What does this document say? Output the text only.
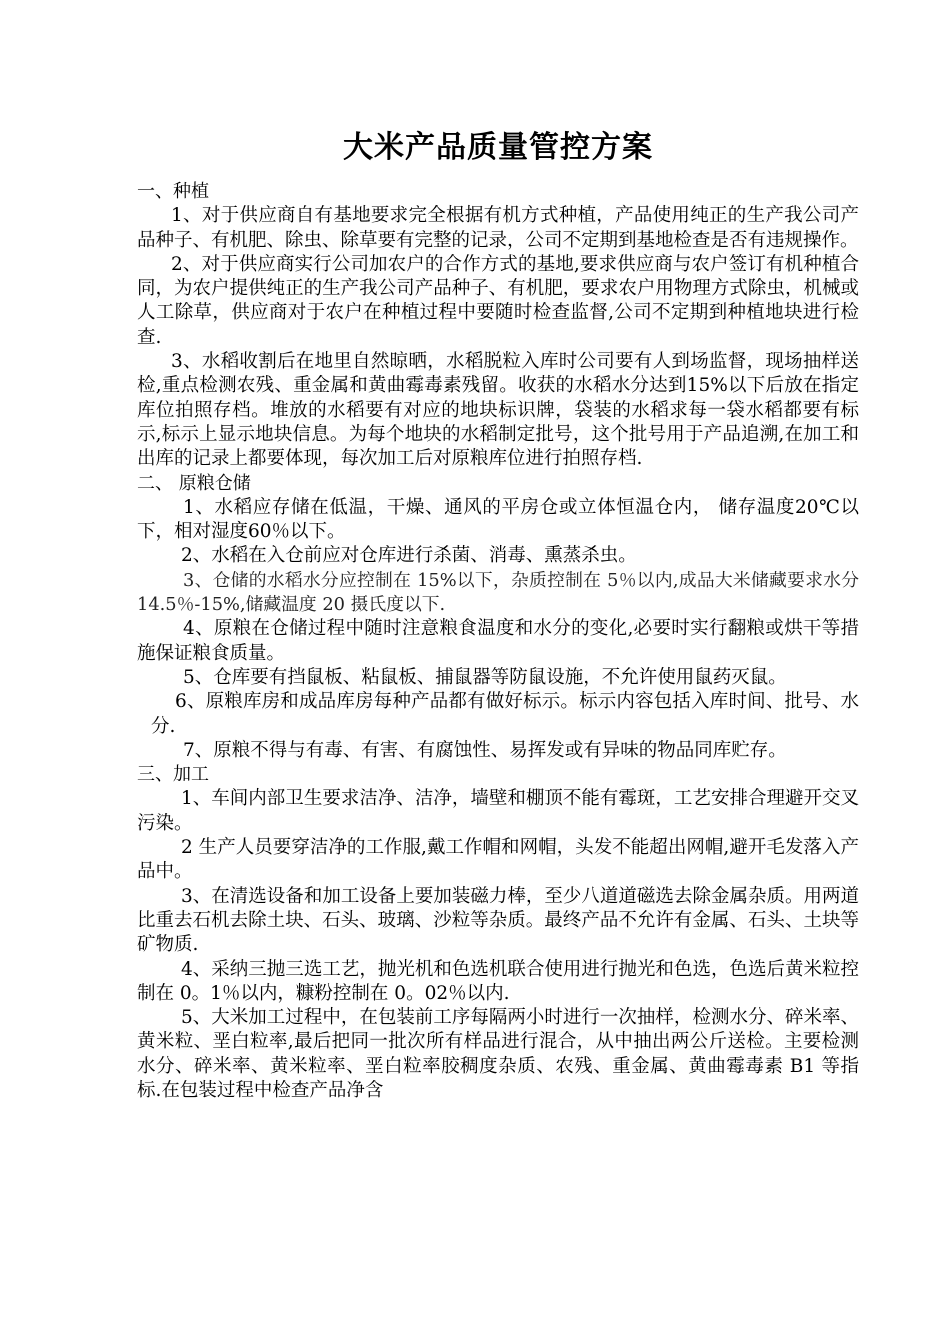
大米产品质量管控方案

一、种植

1、对于供应商自有基地要求完全根据有机方式种植，产品使用纯正的生产我公司产品种子、有机肥、除虫、除草要有完整的记录，公司不定期到基地检查是否有违规操作。

2、对于供应商实行公司加农户的合作方式的基地,要求供应商与农户签订有机种植合同，为农户提供纯正的生产我公司产品种子、有机肥，要求农户用物理方式除虫，机械或人工除草，供应商对于农户在种植过程中要随时检查监督,公司不定期到种植地块进行检查.

3、水稻收割后在地里自然晾晒，水稻脱粒入库时公司要有人到场监督，现场抽样送检,重点检测农残、重金属和黄曲霉毒素残留。收获的水稻水分达到15%以下后放在指定库位拍照存档。堆放的水稻要有对应的地块标识牌，袋装的水稻求每一袋水稻都要有标示,标示上显示地块信息。为每个地块的水稻制定批号，这个批号用于产品追溯,在加工和出库的记录上都要体现，每次加工后对原粮库位进行拍照存档.

二、 原粮仓储

1、水稻应存储在低温，干燥、通风的平房仓或立体恒温仓内， 储存温度20℃以下，相对湿度60％以下。

2、水稻在入仓前应对仓库进行杀菌、消毒、熏蒸杀虫。

3、仓储的水稻水分应控制在 15%以下，杂质控制在 5％以内,成品大米储藏要求水分 14.5％-15%,储藏温度 20 摄氏度以下.

4、原粮在仓储过程中随时注意粮食温度和水分的变化,必要时实行翻粮或烘干等措施保证粮食质量。

5、仓库要有挡鼠板、粘鼠板、捕鼠器等防鼠设施，不允许使用鼠药灭鼠。

6、原粮库房和成品库房每种产品都有做好标示。标示内容包括入库时间、批号、水分.

7、原粮不得与有毒、有害、有腐蚀性、易挥发或有异味的物品同库贮存。

三、加工

1、车间内部卫生要求洁净、洁净，墙壁和棚顶不能有霉斑，工艺安排合理避开交叉污染。

2 生产人员要穿洁净的工作服,戴工作帽和网帽，头发不能超出网帽,避开毛发落入产品中。

3、在清选设备和加工设备上要加装磁力棒，至少八道道磁选去除金属杂质。用两道比重去石机去除土块、石头、玻璃、沙粒等杂质。最终产品不允许有金属、石头、土块等矿物质.

4、采纳三抛三选工艺，抛光机和色选机联合使用进行抛光和色选，色选后黄米粒控制在 0。1％以内，糠粉控制在 0。02％以内.

5、大米加工过程中，在包装前工序每隔两小时进行一次抽样，检测水分、碎米率、黄米粒、垩白粒率,最后把同一批次所有样品进行混合，从中抽出两公斤送检。主要检测水分、碎米率、黄米粒率、垩白粒率胶稠度杂质、农残、重金属、黄曲霉毒素 B1 等指标.在包装过程中检查产品净含
